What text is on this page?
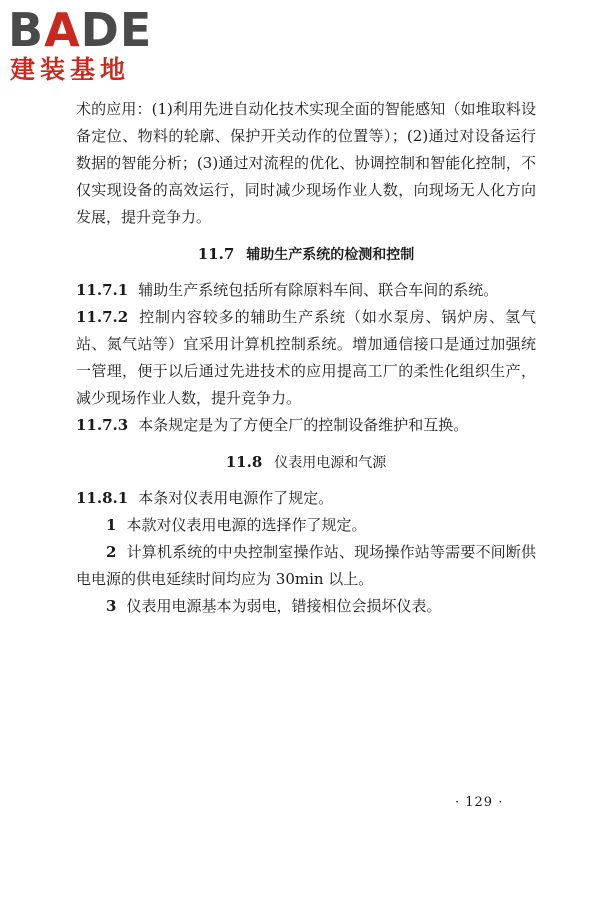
BADE
建装基地

术的应用：(1)利用先进自动化技术实现全面的智能感知（如堆取料设备定位、物料的轮廓、保护开关动作的位置等）；(2)通过对设备运行数据的智能分析；(3)通过对流程的优化、协调控制和智能化控制，不仅实现设备的高效运行，同时减少现场作业人数，向现场无人化方向发展，提升竞争力。

11.7 辅助生产系统的检测和控制

11.7.1 辅助生产系统包括所有除原料车间、联合车间的系统。

11.7.2 控制内容较多的辅助生产系统（如水泵房、锅炉房、氢气站、氮气站等）宜采用计算机控制系统。增加通信接口是通过加强统一管理，便于以后通过先进技术的应用提高工厂的柔性化组织生产，减少现场作业人数，提升竞争力。

11.7.3 本条规定是为了方便全厂的控制设备维护和互换。

11.8 仪表用电源和气源

11.8.1 本条对仪表用电源作了规定。

1 本款对仪表用电源的选择作了规定。

2 计算机系统的中央控制室操作站、现场操作站等需要不间断供电电源的供电延续时间均应为 30min 以上。

3 仪表用电源基本为弱电，错接相位会损坏仪表。

· 129 ·
